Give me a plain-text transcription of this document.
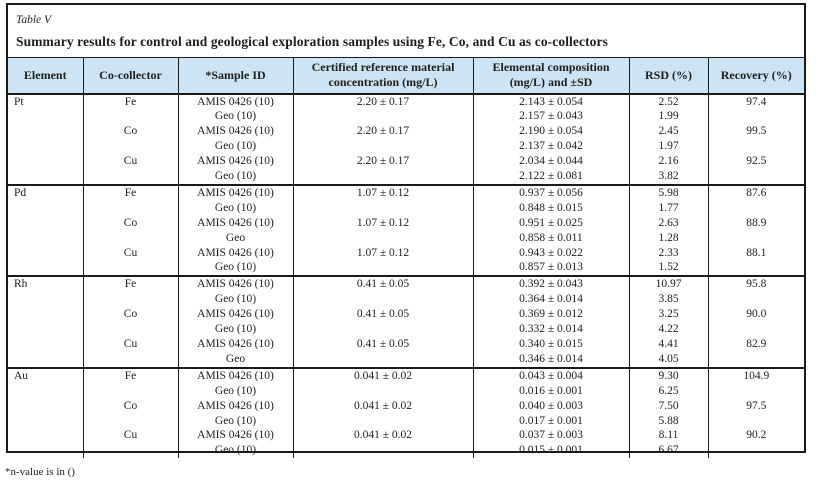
Table V
Summary results for control and geological exploration samples using Fe, Co, and Cu as co-collectors
Element	Co-collector	*Sample ID	Certified reference material concentration (mg/L)	Elemental composition (mg/L) and ±SD	RSD (%)	Recovery (%)
Pt	Fe	AMIS 0426 (10)	2.20 ± 0.17	2.143 ± 0.054	2.52	97.4
		Geo (10)		2.157 ± 0.043	1.99	
	Co	AMIS 0426 (10)	2.20 ± 0.17	2.190 ± 0.054	2.45	99.5
		Geo (10)		2.137 ± 0.042	1.97	
	Cu	AMIS 0426 (10)	2.20 ± 0.17	2.034 ± 0.044	2.16	92.5
		Geo (10)		2.122 ± 0.081	3.82	
Pd	Fe	AMIS 0426 (10)	1.07 ± 0.12	0.937 ± 0.056	5.98	87.6
		Geo (10)		0.848 ± 0.015	1.77	
	Co	AMIS 0426 (10)	1.07 ± 0.12	0.951 ± 0.025	2.63	88.9
		Geo		0.858 ± 0.011	1.28	
	Cu	AMIS 0426 (10)	1.07 ± 0.12	0.943 ± 0.022	2.33	88.1
		Geo (10)		0.857 ± 0.013	1.52	
Rh	Fe	AMIS 0426 (10)	0.41 ± 0.05	0.392 ± 0.043	10.97	95.8
		Geo (10)		0.364 ± 0.014	3.85	
	Co	AMIS 0426 (10)	0.41 ± 0.05	0.369 ± 0.012	3.25	90.0
		Geo (10)		0.332 ± 0.014	4.22	
	Cu	AMIS 0426 (10)	0.41 ± 0.05	0.340 ± 0.015	4.41	82.9
		Geo		0.346 ± 0.014	4.05	
Au	Fe	AMIS 0426 (10)	0.041 ± 0.02	0.043 ± 0.004	9.30	104.9
		Geo (10)		0.016 ± 0.001	6.25	
	Co	AMIS 0426 (10)	0.041 ± 0.02	0.040 ± 0.003	7.50	97.5
		Geo (10)		0.017 ± 0.001	5.88	
	Cu	AMIS 0426 (10)	0.041 ± 0.02	0.037 ± 0.003	8.11	90.2
		Geo (10)		0.015 ± 0.001	6.67	
*n-value is in ()
